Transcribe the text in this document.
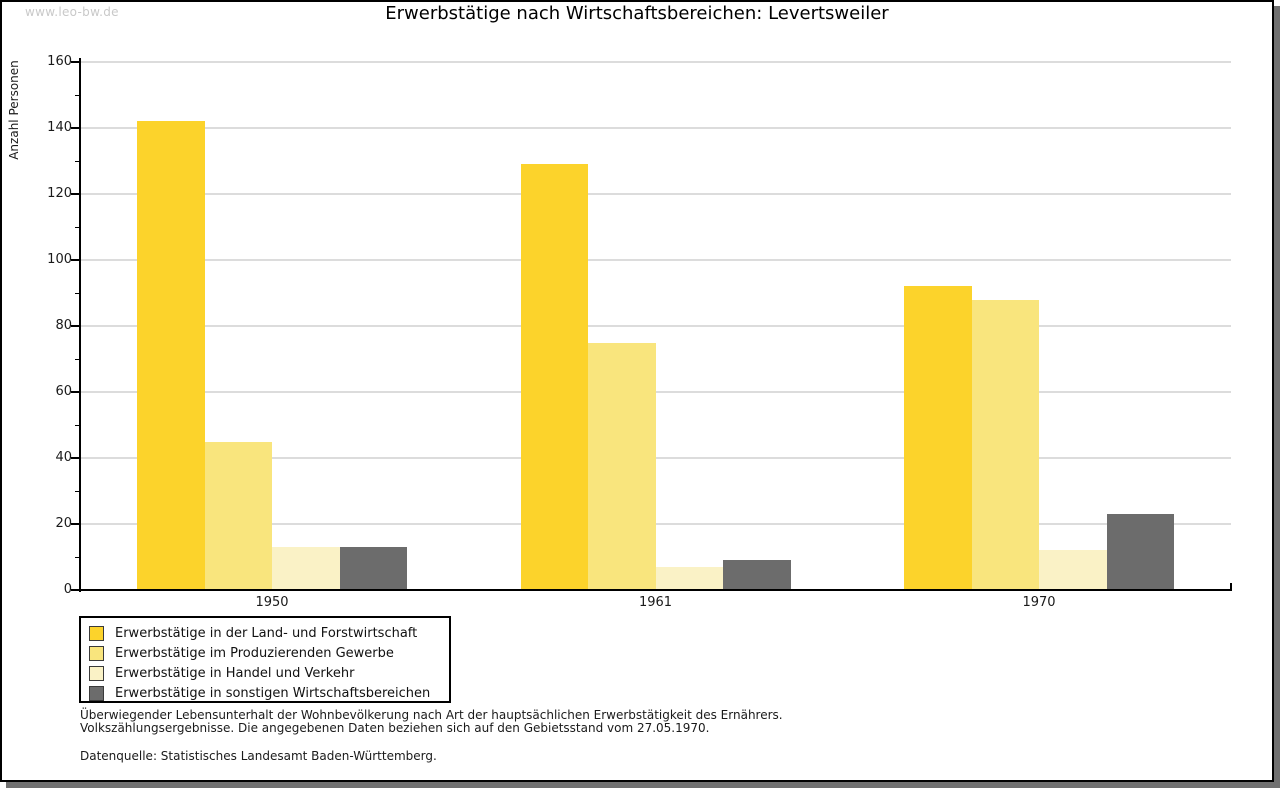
www.leo-bw.de	Erwerbstätige nach Wirtschaftsbereichen: Levertsweiler
Anzahl Personen
0
20
40
60
80
100
120
140
160
1950	1961	1970
Erwerbstätige in der Land- und Forstwirtschaft
Erwerbstätige im Produzierenden Gewerbe
Erwerbstätige in Handel und Verkehr
Erwerbstätige in sonstigen Wirtschaftsbereichen
Überwiegender Lebensunterhalt der Wohnbevölkerung nach Art der hauptsächlichen Erwerbstätigkeit des Ernährers.
Volkszählungsergebnisse. Die angegebenen Daten beziehen sich auf den Gebietsstand vom 27.05.1970.
Datenquelle: Statistisches Landesamt Baden-Württemberg.
